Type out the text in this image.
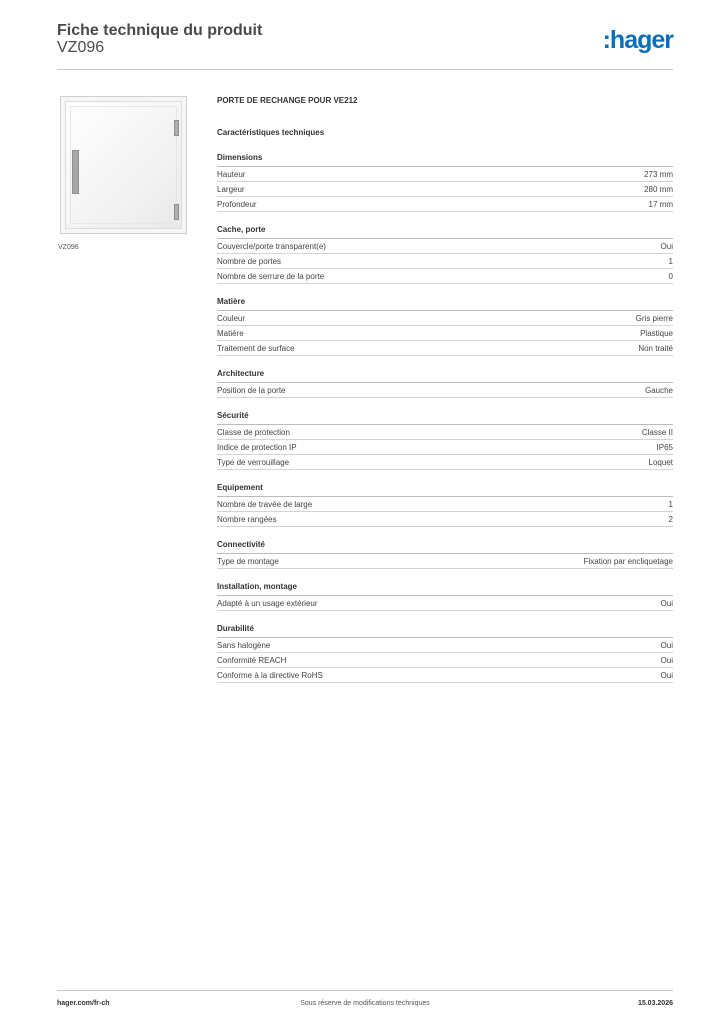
Fiche technique du produit
VZ096	:hager
VZ096
PORTE DE RECHANGE POUR VE212
Caractéristiques techniques
Dimensions
Hauteur	273 mm
Largeur	280 mm
Profondeur	17 mm
Cache, porte
Couvercle/porte transparent(e)	Oui
Nombre de portes	1
Nombre de serrure de la porte	0
Matière
Couleur	Gris pierre
Matière	Plastique
Traitement de surface	Non traité
Architecture
Position de la porte	Gauche
Sécurité
Classe de protection	Classe II
Indice de protection IP	IP65
Type de verrouillage	Loquet
Equipement
Nombre de travée de large	1
Nombre rangées	2
Connectivité
Type de montage	Fixation par encliquetage
Installation, montage
Adapté à un usage extérieur	Oui
Durabilité
Sans halogène	Oui
Conformité REACH	Oui
Conforme à la directive RoHS	Oui
hager.com/fr-ch	Sous réserve de modifications techniques	15.03.2026
